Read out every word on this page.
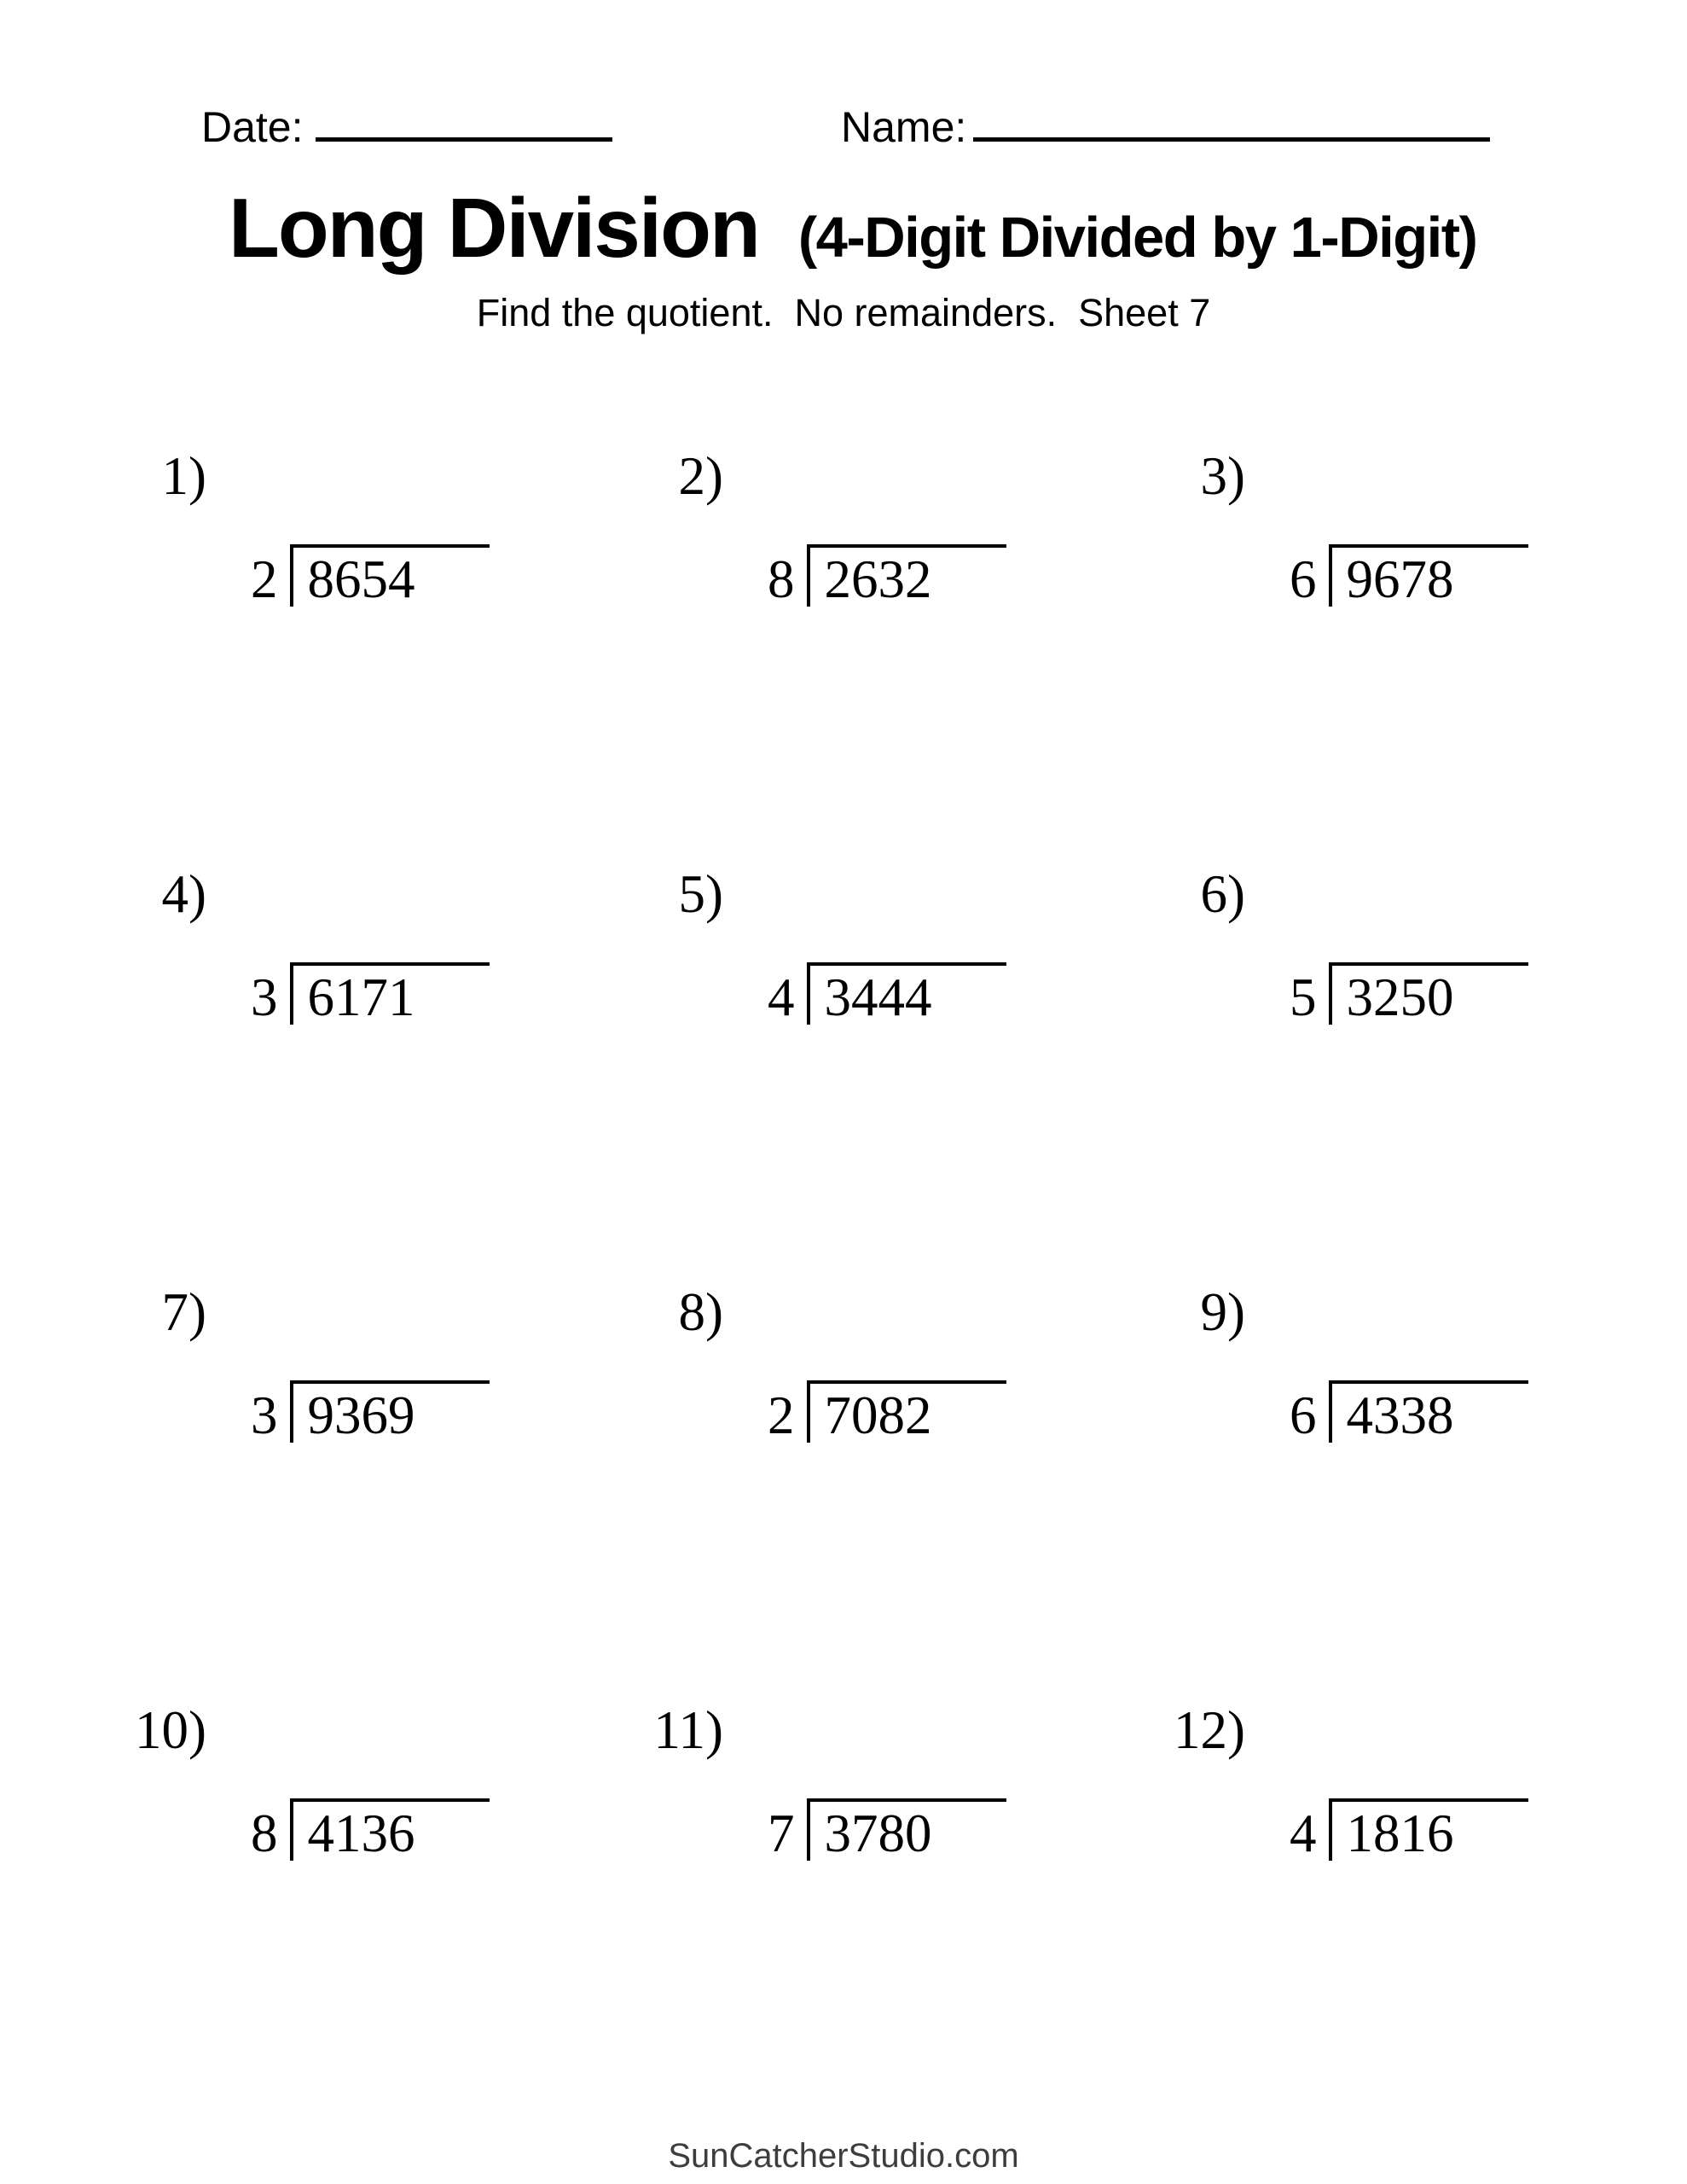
Date:	Name:
Long Division (4-Digit Divided by 1-Digit)
Find the quotient.  No remainders.  Sheet 7
1)
2 8654
2)
8 2632
3)
6 9678
4)
3 6171
5)
4 3444
6)
5 3250
7)
3 9369
8)
2 7082
9)
6 4338
10)
8 4136
11)
7 3780
12)
4 1816
SunCatcherStudio.com
